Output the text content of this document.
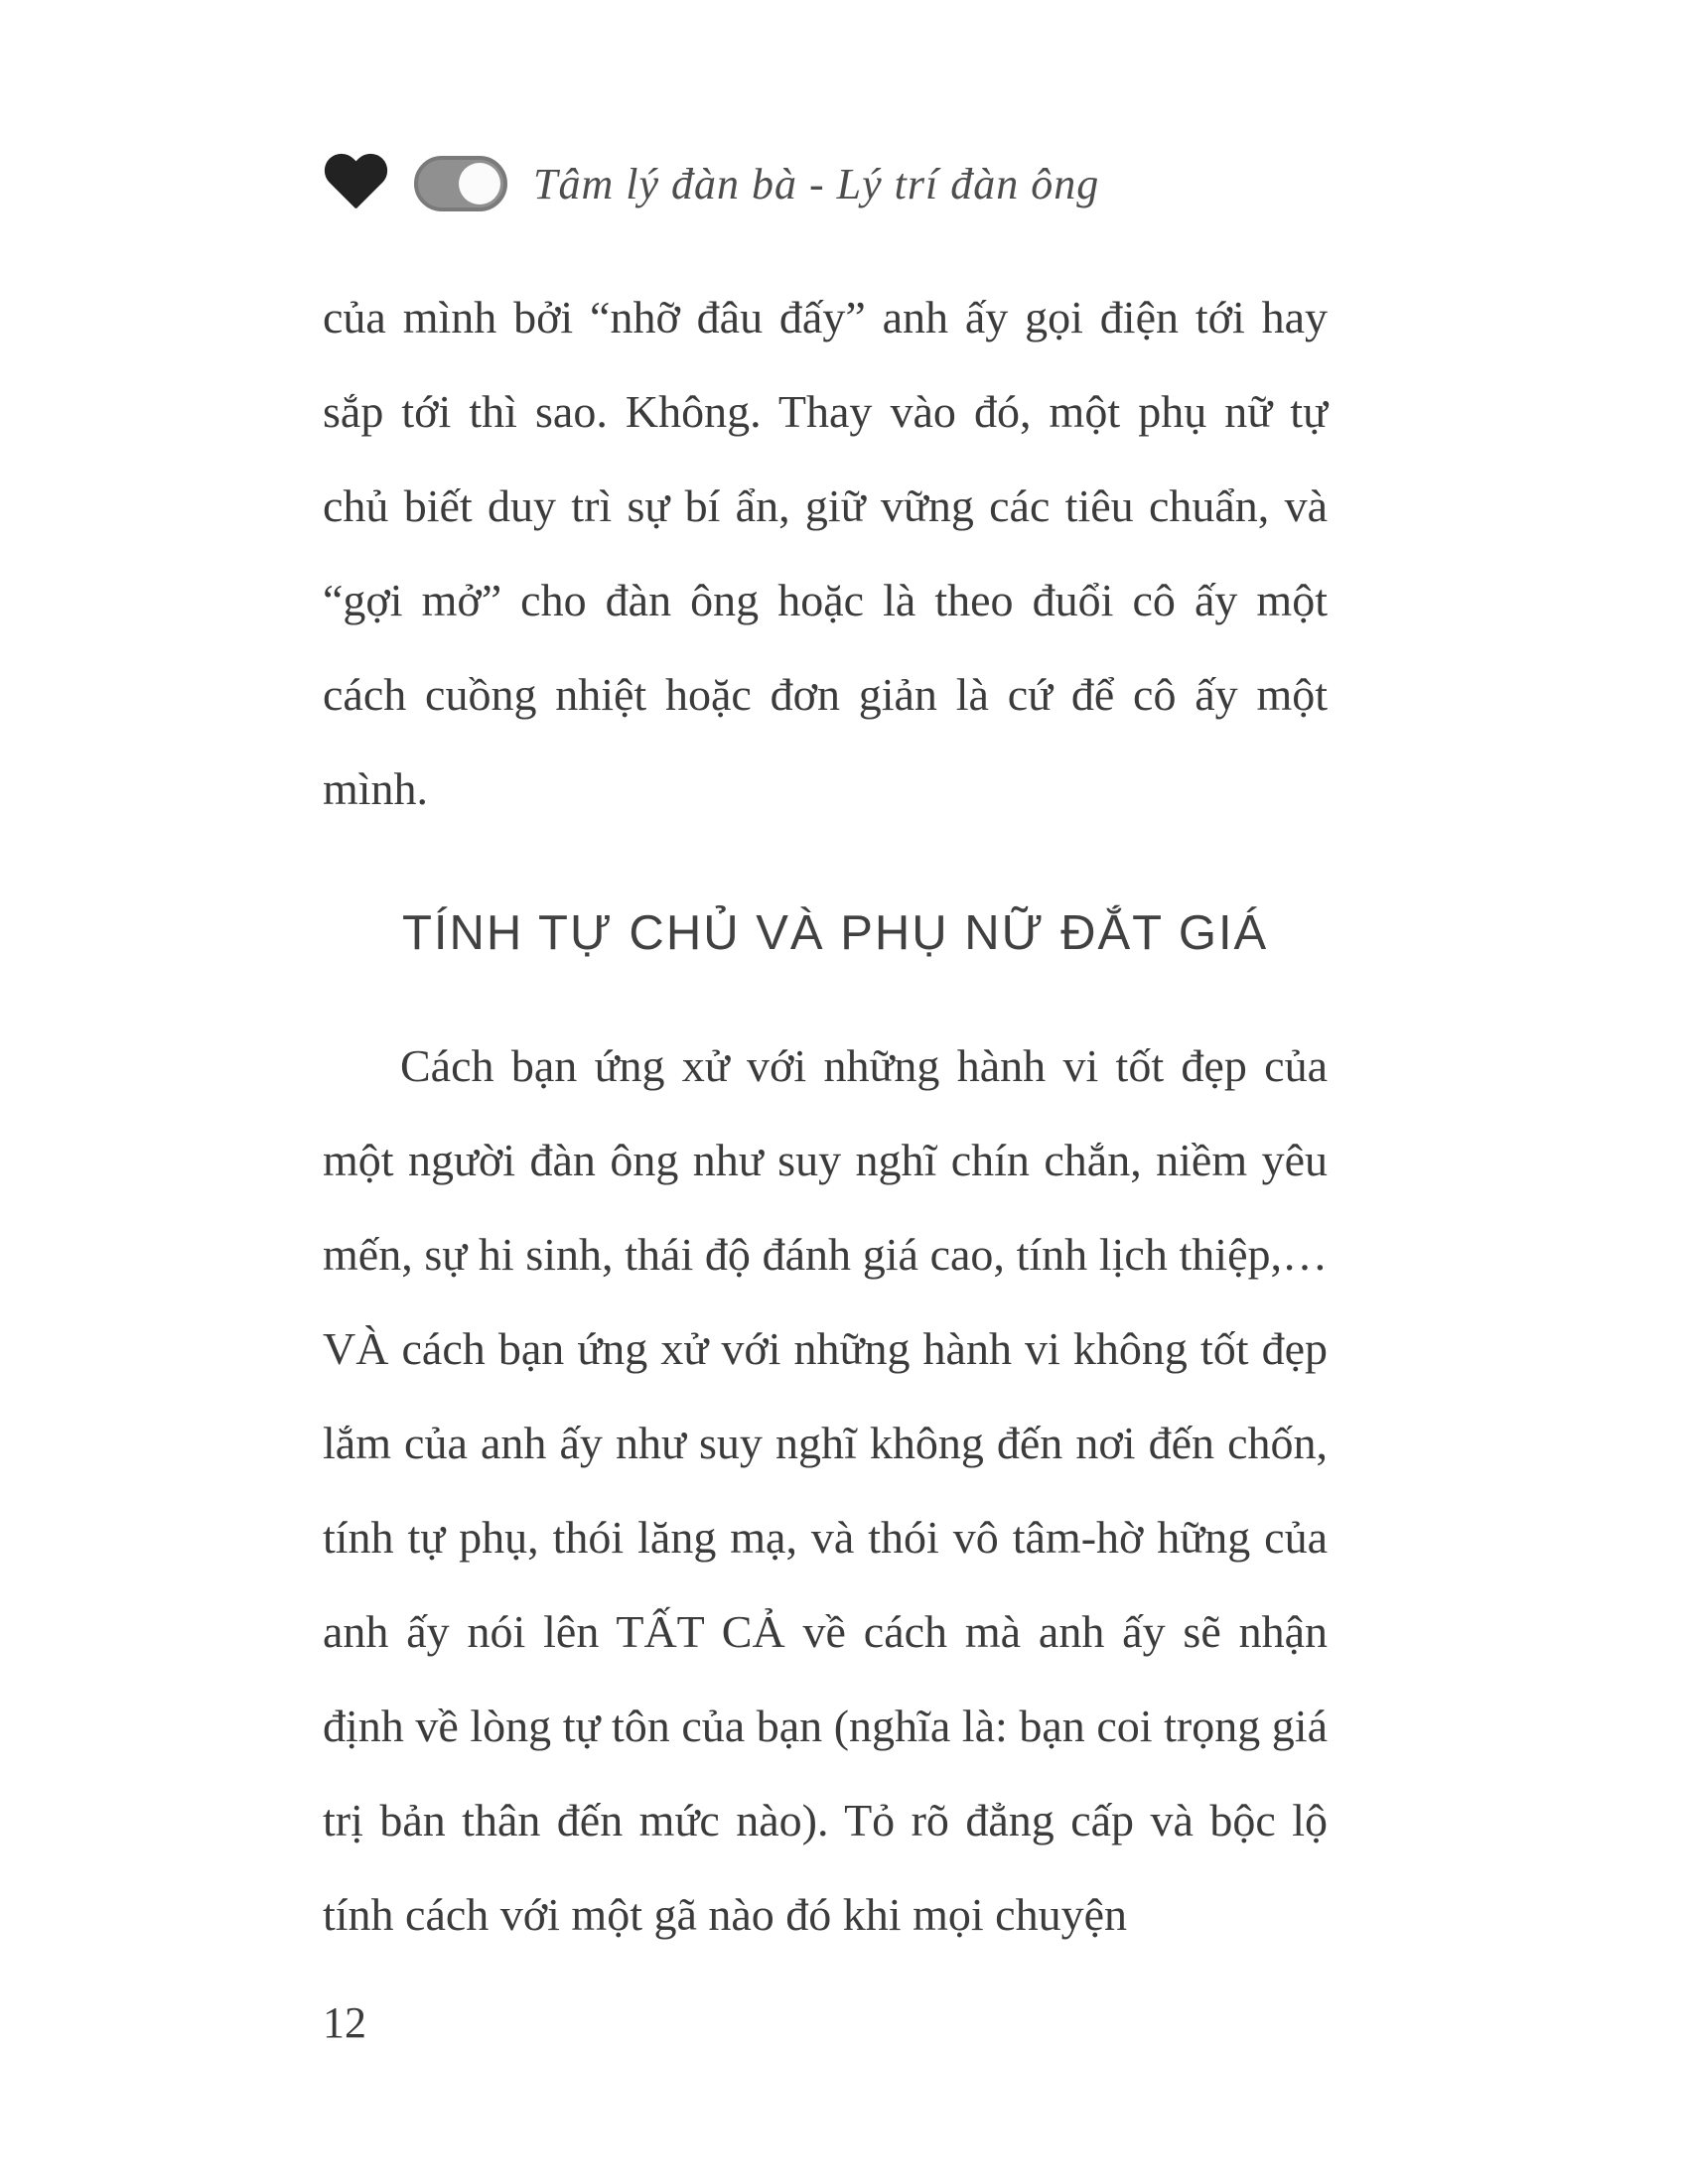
Tâm lý đàn bà - Lý trí đàn ông

của mình bởi “nhỡ đâu đấy” anh ấy gọi điện tới hay sắp tới thì sao. Không. Thay vào đó, một phụ nữ tự chủ biết duy trì sự bí ẩn, giữ vững các tiêu chuẩn, và “gợi mở” cho đàn ông hoặc là theo đuổi cô ấy một cách cuồng nhiệt hoặc đơn giản là cứ để cô ấy một mình.

TÍNH TỰ CHỦ VÀ PHỤ NỮ ĐẮT GIÁ

Cách bạn ứng xử với những hành vi tốt đẹp của một người đàn ông như suy nghĩ chín chắn, niềm yêu mến, sự hi sinh, thái độ đánh giá cao, tính lịch thiệp,… VÀ cách bạn ứng xử với những hành vi không tốt đẹp lắm của anh ấy như suy nghĩ không đến nơi đến chốn, tính tự phụ, thói lăng mạ, và thói vô tâm-hờ hững của anh ấy nói lên TẤT CẢ về cách mà anh ấy sẽ nhận định về lòng tự tôn của bạn (nghĩa là: bạn coi trọng giá trị bản thân đến mức nào). Tỏ rõ đẳng cấp và bộc lộ tính cách với một gã nào đó khi mọi chuyện

12
